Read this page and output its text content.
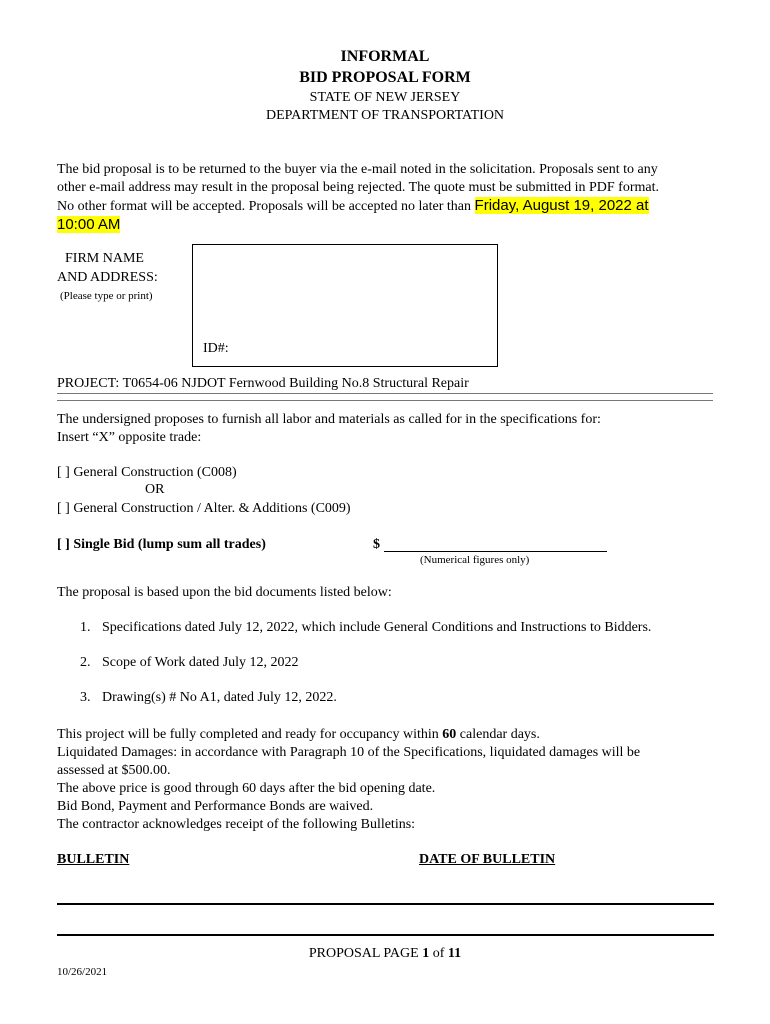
INFORMAL
BID PROPOSAL FORM
STATE OF NEW JERSEY
DEPARTMENT OF TRANSPORTATION
The bid proposal is to be returned to the buyer via the e-mail noted in the solicitation. Proposals sent to any
other e-mail address may result in the proposal being rejected. The quote must be submitted in PDF format.
No other format will be accepted. Proposals will be accepted no later than Friday, August 19, 2022 at
10:00 AM
FIRM NAME
AND ADDRESS:
(Please type or print)
ID#:
PROJECT: T0654-06 NJDOT Fernwood Building No.8 Structural Repair
The undersigned proposes to furnish all labor and materials as called for in the specifications for:
Insert “X” opposite trade:
[ ] General Construction (C008)
OR
[ ] General Construction / Alter. & Additions (C009)
[ ] Single Bid (lump sum all trades)	$
(Numerical figures only)
The proposal is based upon the bid documents listed below:
1. Specifications dated July 12, 2022, which include General Conditions and Instructions to Bidders.
2. Scope of Work dated July 12, 2022
3. Drawing(s) # No A1, dated July 12, 2022.
This project will be fully completed and ready for occupancy within 60 calendar days.
Liquidated Damages: in accordance with Paragraph 10 of the Specifications, liquidated damages will be
assessed at $500.00.
The above price is good through 60 days after the bid opening date.
Bid Bond, Payment and Performance Bonds are waived.
The contractor acknowledges receipt of the following Bulletins:
BULLETIN	DATE OF BULLETIN
PROPOSAL PAGE 1 of 11
10/26/2021
